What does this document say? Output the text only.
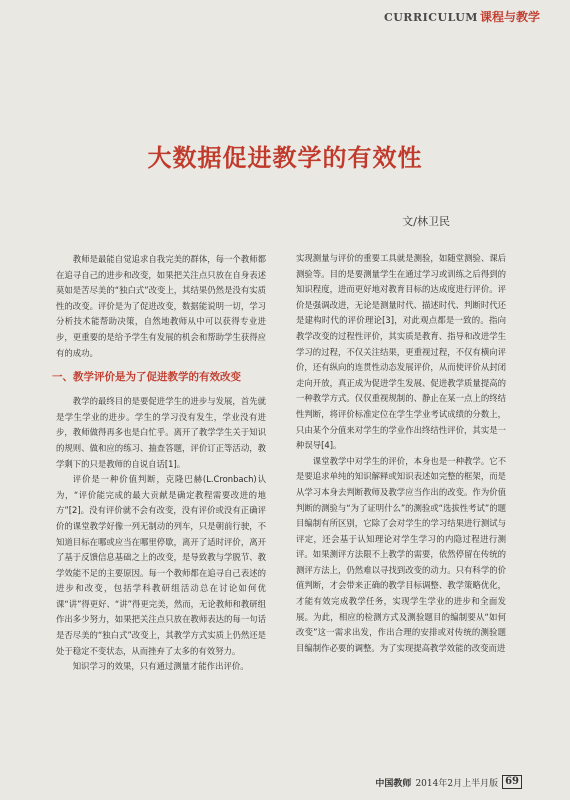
CURRICULUM 课程与教学
大数据促进教学的有效性
文/林卫民

教师是最能自觉追求自我完美的群体，每一个教师都在追寻自己的进步和改变，如果把关注点只放在自身表述莫如是苦尽美的“独白式”改变上，其结果仍然是没有实质性的改变。评价是为了促进改变，数据能说明一切，学习分析技术能帮助决策，自然地教师从中可以获得专业进步，更重要的是给予学生有发展的机会和帮助学生获得应有的成功。

一、教学评价是为了促进教学的有效改变

教学的最终目的是要促进学生的进步与发展，首先就是学生学业的进步。学生的学习没有发生，学业没有进步，教师做得再多也是白忙乎。离开了教学学生关于知识的规则、做和应的练习、抽查答题，评价订正等活动，教学剩下的只是教师的自说自话[1]。

评价是一种价值判断，克隆巴赫(L.Cronbach)认为，“评价能完成的最大贡献是确定教程需要改进的地方”[2]。没有评价就不会有改变，没有评价或没有正确评价的课堂教学好像一列无制动的列车，只是朝前行驶，不知道目标在哪或应当在哪里停歇，离开了适时评价，离开了基于反馈信息基础之上的改变，是导致教与学脱节、教学效能不足的主要原因。每一个教师都在追寻自己表述的进步和改变，包括学科教研组活动总在讨论如何优课“讲”得更好、“讲”得更完美，然而，无论教师和教研组作出多少努力，如果把关注点只放在教师表达的每一句话是否尽美的“独白式”改变上，其教学方式实质上仍然还是处于稳定不变状态，从而挫弃了太多的有效努力。

知识学习的效果，只有通过测量才能作出评价。

实现测量与评价的重要工具就是测验，如随堂测验、课后测验等。目的是要测量学生在通过学习或训练之后得到的知识程度，进而更好地对教育目标的达成度进行评价。评价是强调改进，无论是测量时代、描述时代、判断时代还是建构时代的评价理论[3]，对此观点都是一致的。指向教学改变的过程性评价，其实质是教育、指导和改进学生学习的过程，不仅关注结果，更重视过程，不仅有横向评价，还有纵向的连贯性动态发展评价，从而使评价从封闭走向开放，真正成为促进学生发展、促进教学质量提高的一种教学方式。仅仅重视规制的、静止在某一点上的终结性判断，将评价标准定位在学生学业考试成绩的分数上，只由某个分值来对学生的学业作出终结性评价，其实是一种误导[4]。

课堂教学中对学生的评价，本身也是一种教学。它不是要追求单纯的知识解释或知识表述如完整的框架，而是从学习本身去判断教师及教学应当作出的改变。作为价值判断的测验与“为了证明什么”的测验或“选拔性考试”的题目编制有所区别，它除了会对学生的学习结果进行测试与评定，还会基于认知理论对学生学习的内隐过程进行测评。如果测评方法限不上教学的需要，依然停留在传统的测评方法上，仍然难以寻找到改变的动力。只有科学的价值判断，才会带来正确的教学目标调整、教学策略优化，才能有效完成教学任务，实现学生学业的进步和全面发展。为此，相应的检测方式及测验题目的编制要从“如何改变”这一需求出发，作出合理的安排或对传统的测验题目编制作必要的调整。为了实现提高教学效能的改变而进

中国教师 2014年2月上半月版 69
